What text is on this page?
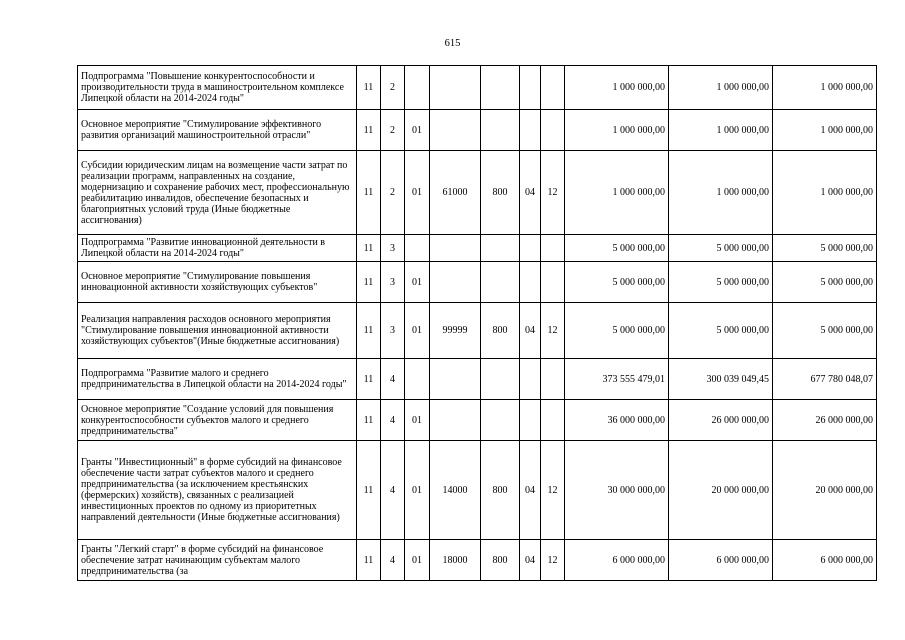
615
Подпрограмма "Повышение конкурентоспособности и производительности труда в машиностроительном комплексе Липецкой области на 2014-2024 годы"	11	2						1 000 000,00	1 000 000,00	1 000 000,00
Основное мероприятие "Стимулирование эффективного развития организаций машиностроительной отрасли"	11	2	01					1 000 000,00	1 000 000,00	1 000 000,00
Субсидии юридическим лицам на возмещение части затрат по реализации программ, направленных на создание, модернизацию и сохранение рабочих мест, профессиональную реабилитацию инвалидов, обеспечение безопасных и благоприятных условий труда (Иные бюджетные ассигнования)	11	2	01	61000	800	04	12	1 000 000,00	1 000 000,00	1 000 000,00
Подпрограмма "Развитие инновационной деятельности в Липецкой области на 2014-2024 годы"	11	3						5 000 000,00	5 000 000,00	5 000 000,00
Основное мероприятие "Стимулирование повышения инновационной активности хозяйствующих субъектов"	11	3	01					5 000 000,00	5 000 000,00	5 000 000,00
Реализация направления расходов основного мероприятия "Стимулирование повышения инновационной активности хозяйствующих субъектов"(Иные бюджетные ассигнования)	11	3	01	99999	800	04	12	5 000 000,00	5 000 000,00	5 000 000,00
Подпрограмма "Развитие малого и среднего предпринимательства в Липецкой области на 2014-2024 годы"	11	4						373 555 479,01	300 039 049,45	677 780 048,07
Основное мероприятие "Создание условий для повышения конкурентоспособности субъектов малого и среднего предпринимательства"	11	4	01					36 000 000,00	26 000 000,00	26 000 000,00
Гранты "Инвестиционный" в форме субсидий на финансовое обеспечение части затрат субъектов малого и среднего предпринимательства (за исключением крестьянских (фермерских) хозяйств), связанных с реализацией инвестиционных проектов по одному из приоритетных направлений деятельности (Иные бюджетные ассигнования)	11	4	01	14000	800	04	12	30 000 000,00	20 000 000,00	20 000 000,00
Гранты "Легкий старт" в форме субсидий на финансовое обеспечение затрат начинающим субъектам малого предпринимательства (за	11	4	01	18000	800	04	12	6 000 000,00	6 000 000,00	6 000 000,00
